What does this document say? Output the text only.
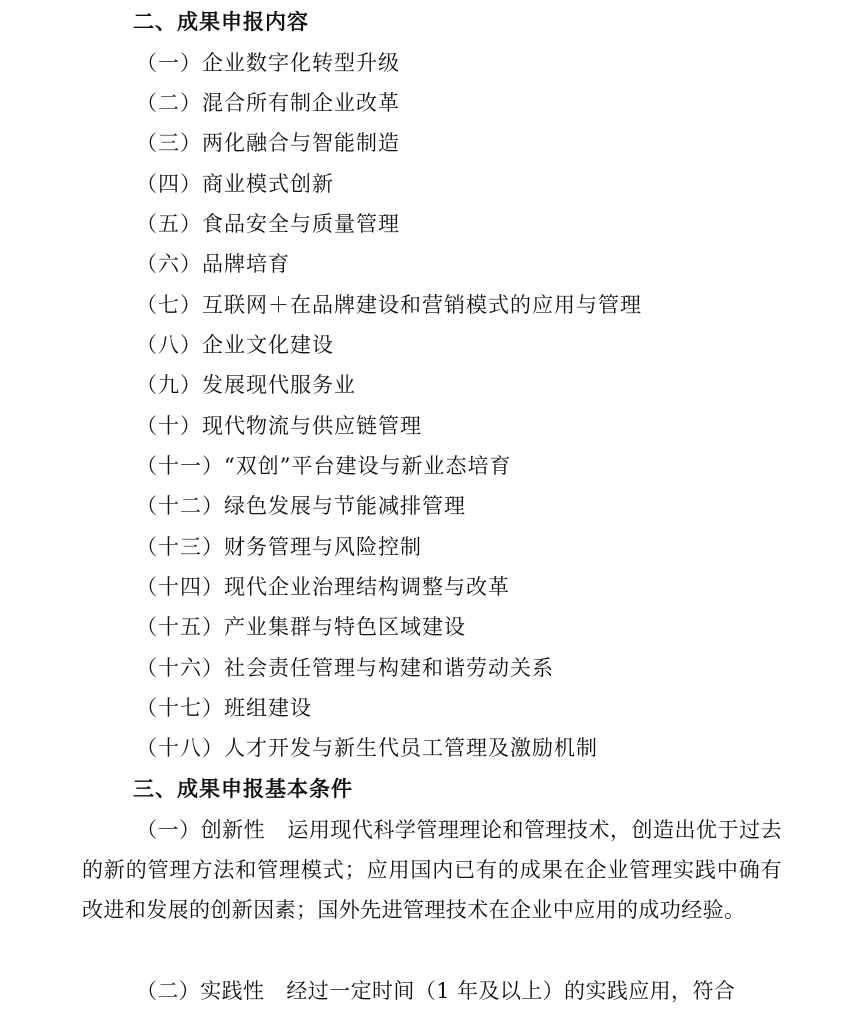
二、成果申报内容
（一）企业数字化转型升级
（二）混合所有制企业改革
（三）两化融合与智能制造
（四）商业模式创新
（五）食品安全与质量管理
（六）品牌培育
（七）互联网＋在品牌建设和营销模式的应用与管理
（八）企业文化建设
（九）发展现代服务业
（十）现代物流与供应链管理
（十一）“双创”平台建设与新业态培育
（十二）绿色发展与节能减排管理
（十三）财务管理与风险控制
（十四）现代企业治理结构调整与改革
（十五）产业集群与特色区域建设
（十六）社会责任管理与构建和谐劳动关系
（十七）班组建设
（十八）人才开发与新生代员工管理及激励机制
三、成果申报基本条件
（一）创新性 运用现代科学管理理论和管理技术，创造出优于过去的新的管理方法和管理模式；应用国内已有的成果在企业管理实践中确有改进和发展的创新因素；国外先进管理技术在企业中应用的成功经验。
（二）实践性 经过一定时间（1 年及以上）的实践应用，符合
